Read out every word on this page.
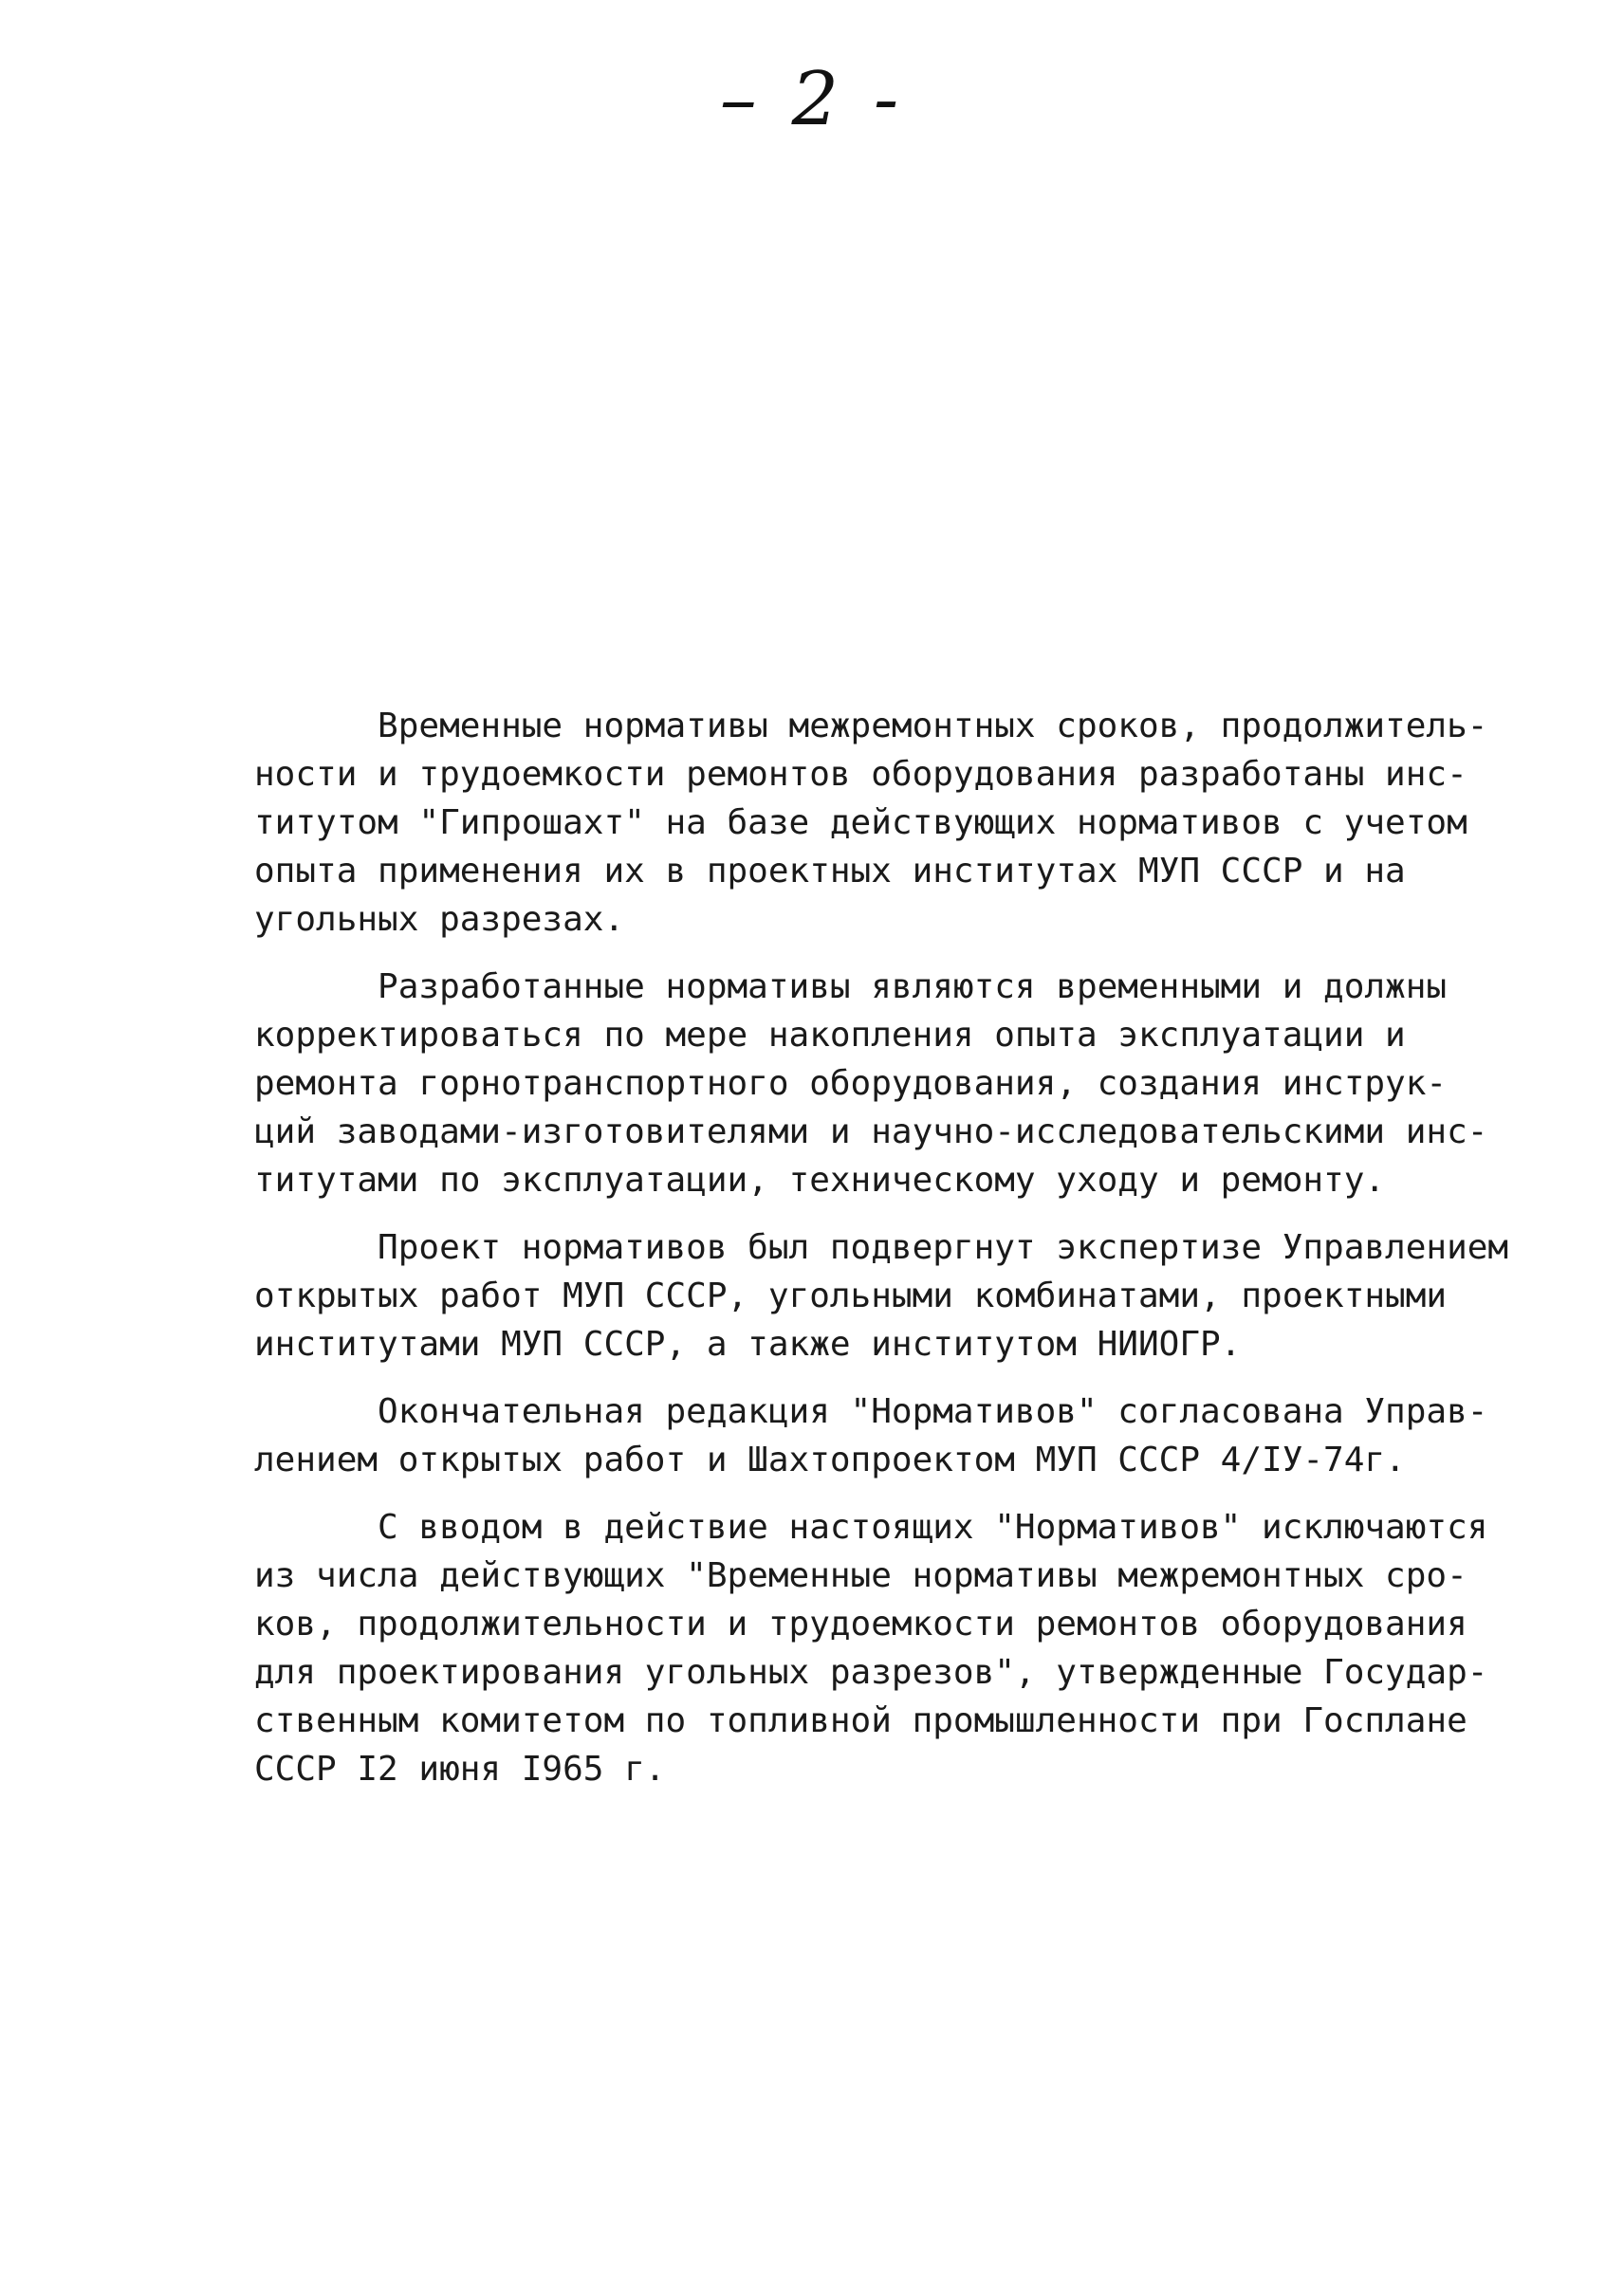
– 2 -
Временные нормативы межремонтных сроков, продолжитель-
ности и трудоемкости ремонтов оборудования разработаны инс-
титутом "Гипрошахт" на базе действующих нормативов с учетом
опыта применения их в проектных институтах МУП СССР и на
угольных разрезах.
Разработанные нормативы являются временными и должны
корректироваться по мере накопления опыта эксплуатации и
ремонта горнотранспортного оборудования, создания инструк-
ций заводами-изготовителями и научно-исследовательскими инс-
титутами по эксплуатации, техническому уходу и ремонту.
Проект нормативов был подвергнут экспертизе Управлением
открытых работ МУП СССР, угольными комбинатами, проектными
институтами МУП СССР, а также институтом НИИОГР.
Окончательная редакция "Нормативов" согласована Управ-
лением открытых работ и Шахтопроектом МУП СССР 4/IУ-74г.
С вводом в действие настоящих "Нормативов" исключаются
из числа действующих "Временные нормативы межремонтных сро-
ков, продолжительности и трудоемкости ремонтов оборудования
для проектирования угольных разрезов", утвержденные Государ-
ственным комитетом по топливной промышленности при Госплане
СССР I2 июня I965 г.
